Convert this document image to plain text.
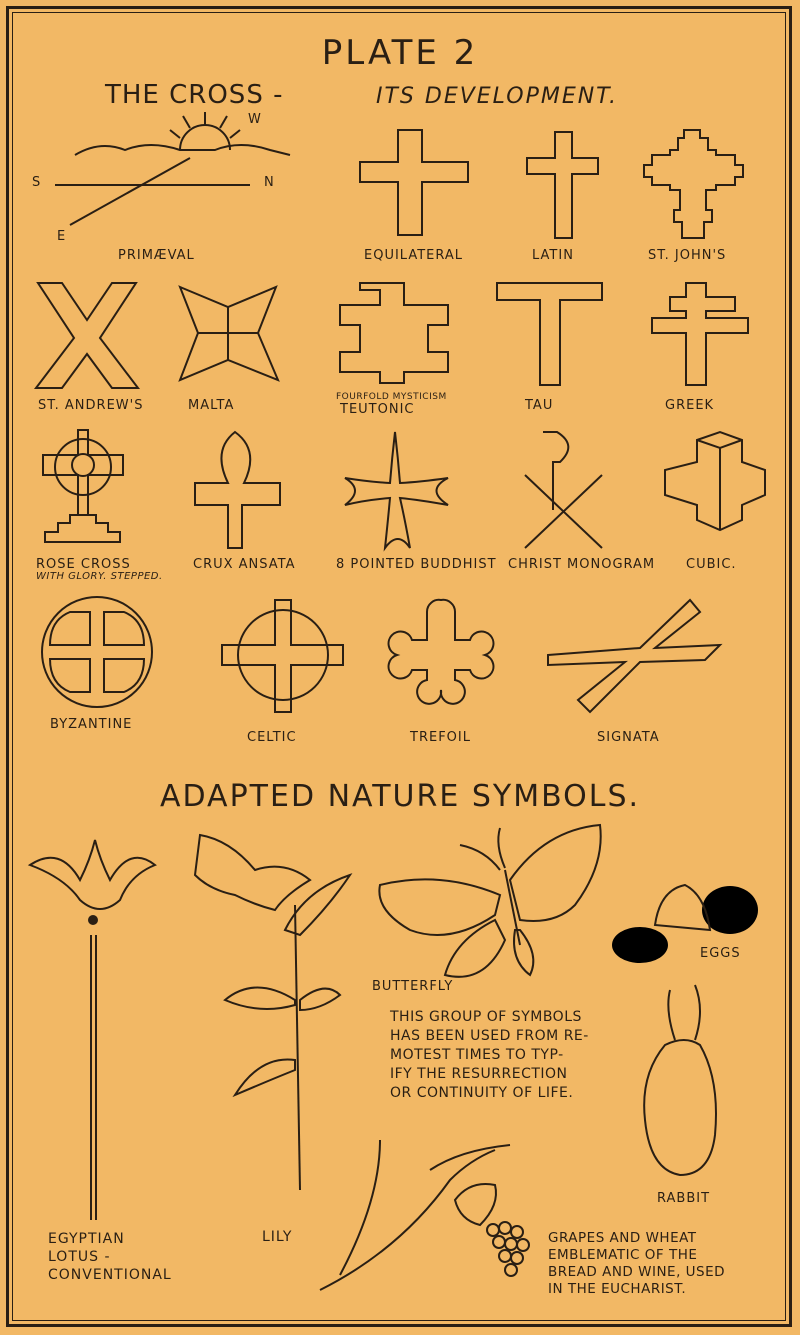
PLATE 2
THE CROSS -	ITS DEVELOPMENT.
W
S	N
E
PRIMÆVAL	EQUILATERAL	LATIN	ST. JOHN'S
ST. ANDREW'S	MALTA
FOURFOLD MYSTICISM
TEUTONIC	TAU	GREEK
ROSE CROSS
WITH GLORY. STEPPED.
CRUX ANSATA	8 POINTED BUDDHIST CHRIST MONOGRAM CUBIC.
BYZANTINE
CELTIC	TREFOIL	SIGNATA
ADAPTED NATURE SYMBOLS.
BUTTERFLY
EGGS
RABBIT
LILY
EGYPTIAN
LOTUS -
CONVENTIONAL
THIS GROUP OF SYMBOLS
HAS BEEN USED FROM RE-
MOTEST TIMES TO TYP-
IFY THE RESURRECTION
OR CONTINUITY OF LIFE.
GRAPES AND WHEAT
EMBLEMATIC OF THE
BREAD AND WINE, USED
IN THE EUCHARIST.
